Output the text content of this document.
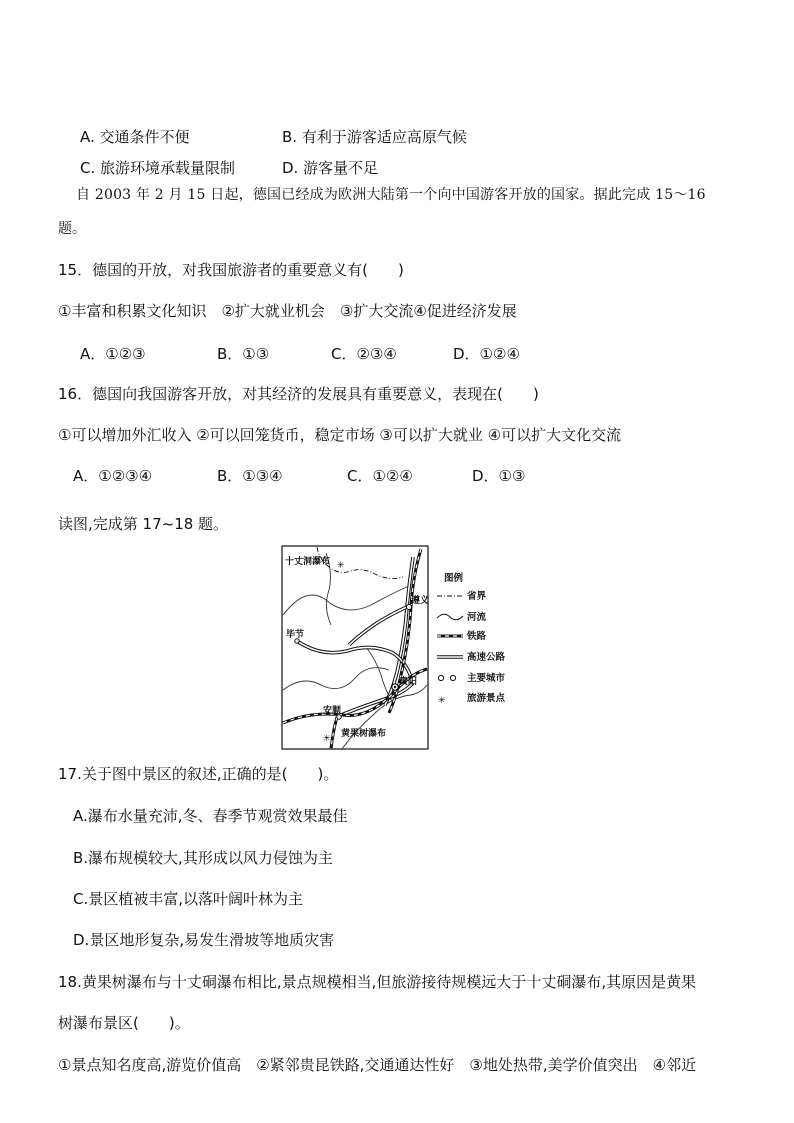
A. 交通条件不便	B. 有利于游客适应高原气候
C. 旅游环境承载量限制	D. 游客量不足
自 2003 年 2 月 15 日起，德国已经成为欧洲大陆第一个向中国游客开放的国家。据此完成 15～16
题。
15．德国的开放，对我国旅游者的重要意义有(　　)
①丰富和积累文化知识　②扩大就业机会　③扩大交流④促进经济发展
A．①②③	B．①③	C．②③④	D．①②④
16．德国向我国游客开放，对其经济的发展具有重要意义，表现在(　　)
①可以增加外汇收入 ②可以回笼货币，稳定市场 ③可以扩大就业 ④可以扩大文化交流
A．①②③④	B．①③④	C．①②④	D．①③
读图,完成第 17~18 题。
✳
✳
十丈洞瀑布
遵义
毕节
贵阳
安顺
黄果树瀑布
图例
省界
河流
铁路
高速公路
主要城市
✳ 旅游景点
17.关于图中景区的叙述,正确的是(　　)。
A.瀑布水量充沛,冬、春季节观赏效果最佳
B.瀑布规模较大,其形成以风力侵蚀为主
C.景区植被丰富,以落叶阔叶林为主
D.景区地形复杂,易发生滑坡等地质灾害
18.黄果树瀑布与十丈硐瀑布相比,景点规模相当,但旅游接待规模远大于十丈硐瀑布,其原因是黄果
树瀑布景区(　　)。
①景点知名度高,游览价值高　②紧邻贵昆铁路,交通通达性好　③地处热带,美学价值突出　④邻近
